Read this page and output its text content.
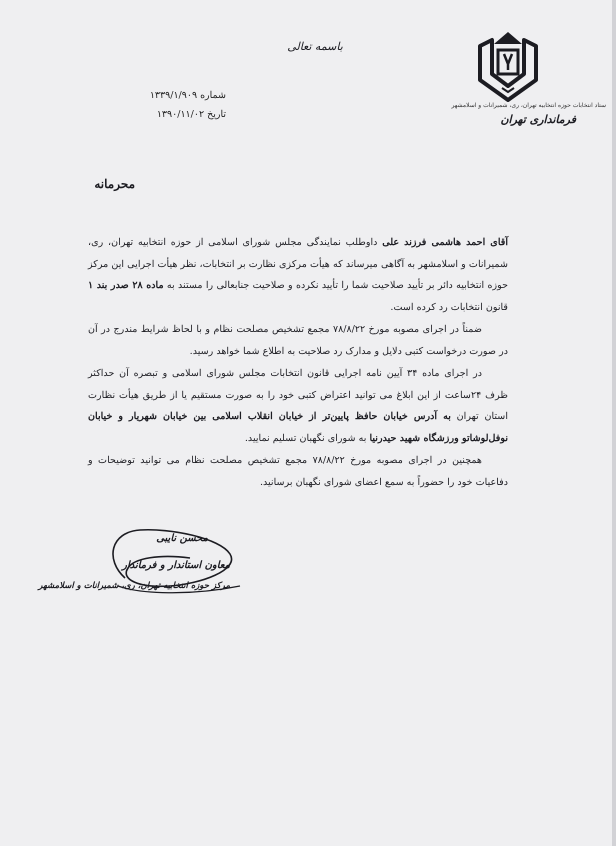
باسمه تعالی
ستاد انتخابات حوزه انتخابیه تهران، ری، شمیرانات و اسلامشهر
فرمانداری تهران
شماره ۱۳۳۹/۱/۹۰۹
تاریخ ۱۳۹۰/۱۱/۰۲
محرمانه

آقای احمد هاشمی فرزند علی داوطلب نمایندگی مجلس شورای اسلامی از حوزه انتخابیه تهران، ری، شمیرانات و اسلامشهر به آگاهی میرساند که هیأت مرکزی نظارت بر انتخابات، نظر هیأت اجرایی این مرکز حوزه انتخابیه دائر بر تأیید صلاحیت شما را تأیید نکرده و صلاحیت جنابعالی را مستند به ماده ۲۸ صدر بند ۱ قانون انتخابات رد کرده است.

ضمناً در اجرای مصوبه مورخ ۷۸/۸/۲۲ مجمع تشخیص مصلحت نظام و با لحاظ شرایط مندرج در آن در صورت درخواست کتبی دلایل و مدارک رد صلاحیت به اطلاع شما خواهد رسید.

در اجرای ماده ۳۴ آیین نامه اجرایی قانون انتخابات مجلس شورای اسلامی و تبصره آن حداکثر ظرف ۲۴ساعت از این ابلاغ می توانید اعتراض کتبی خود را به صورت مستقیم یا از طریق هیأت نظارت استان تهران به آدرس خیابان حافظ پایین‌تر از خیابان انقلاب اسلامی بین خیابان شهریار و خیابان نوفل‌لوشاتو ورزشگاه شهید حیدرنیا به شورای نگهبان تسلیم نمایید.

همچنین در اجرای مصوبه مورخ ۷۸/۸/۲۲ مجمع تشخیص مصلحت نظام می توانید توضیحات و دفاعیات خود را حضوراً به سمع اعضای شورای نگهبان برسانید.

محسن نایبی
معاون استاندار و فرماندار
مرکز حوزه انتخابیه تهران، ری، شمیرانات و اسلامشهر
